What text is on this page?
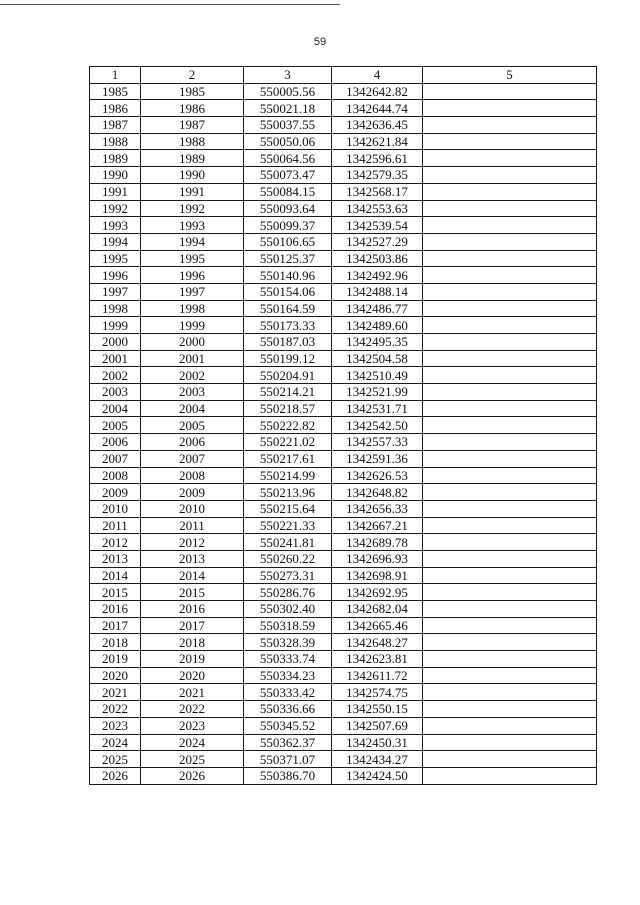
59
1	2	3	4	5
1985	1985	550005.56	1342642.82	
1986	1986	550021.18	1342644.74	
1987	1987	550037.55	1342636.45	
1988	1988	550050.06	1342621.84	
1989	1989	550064.56	1342596.61	
1990	1990	550073.47	1342579.35	
1991	1991	550084.15	1342568.17	
1992	1992	550093.64	1342553.63	
1993	1993	550099.37	1342539.54	
1994	1994	550106.65	1342527.29	
1995	1995	550125.37	1342503.86	
1996	1996	550140.96	1342492.96	
1997	1997	550154.06	1342488.14	
1998	1998	550164.59	1342486.77	
1999	1999	550173.33	1342489.60	
2000	2000	550187.03	1342495.35	
2001	2001	550199.12	1342504.58	
2002	2002	550204.91	1342510.49	
2003	2003	550214.21	1342521.99	
2004	2004	550218.57	1342531.71	
2005	2005	550222.82	1342542.50	
2006	2006	550221.02	1342557.33	
2007	2007	550217.61	1342591.36	
2008	2008	550214.99	1342626.53	
2009	2009	550213.96	1342648.82	
2010	2010	550215.64	1342656.33	
2011	2011	550221.33	1342667.21	
2012	2012	550241.81	1342689.78	
2013	2013	550260.22	1342696.93	
2014	2014	550273.31	1342698.91	
2015	2015	550286.76	1342692.95	
2016	2016	550302.40	1342682.04	
2017	2017	550318.59	1342665.46	
2018	2018	550328.39	1342648.27	
2019	2019	550333.74	1342623.81	
2020	2020	550334.23	1342611.72	
2021	2021	550333.42	1342574.75	
2022	2022	550336.66	1342550.15	
2023	2023	550345.52	1342507.69	
2024	2024	550362.37	1342450.31	
2025	2025	550371.07	1342434.27	
2026	2026	550386.70	1342424.50	
